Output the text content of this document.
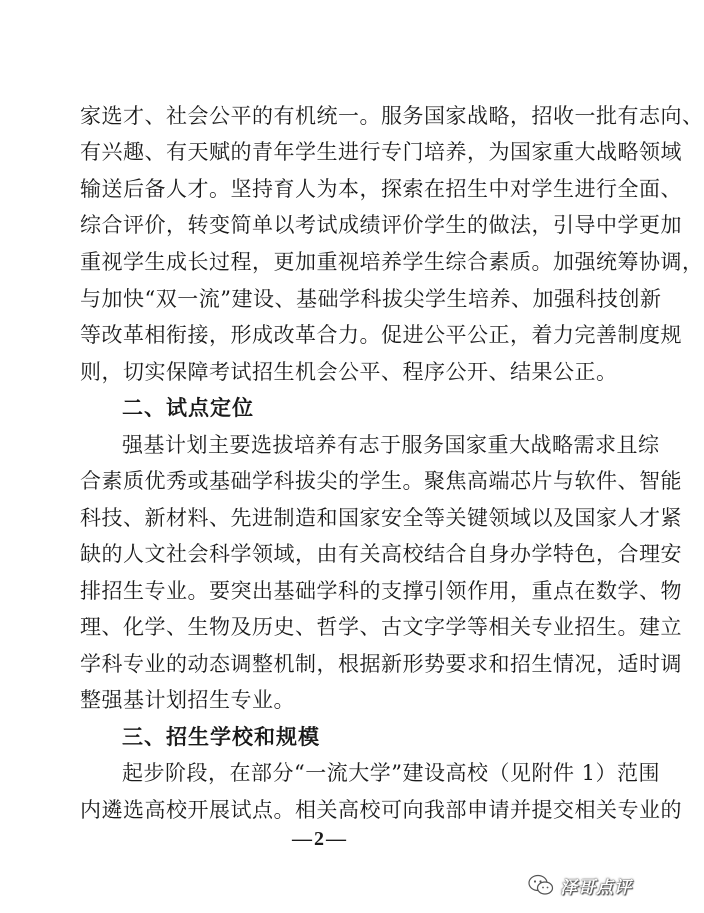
家选才、社会公平的有机统一。服务国家战略，招收一批有志向、
有兴趣、有天赋的青年学生进行专门培养，为国家重大战略领域
输送后备人才。坚持育人为本，探索在招生中对学生进行全面、
综合评价，转变简单以考试成绩评价学生的做法，引导中学更加
重视学生成长过程，更加重视培养学生综合素质。加强统筹协调，
与加快“双一流”建设、基础学科拔尖学生培养、加强科技创新
等改革相衔接，形成改革合力。促进公平公正，着力完善制度规
则，切实保障考试招生机会公平、程序公开、结果公正。
二、试点定位
强基计划主要选拔培养有志于服务国家重大战略需求且综
合素质优秀或基础学科拔尖的学生。聚焦高端芯片与软件、智能
科技、新材料、先进制造和国家安全等关键领域以及国家人才紧
缺的人文社会科学领域，由有关高校结合自身办学特色，合理安
排招生专业。要突出基础学科的支撑引领作用，重点在数学、物
理、化学、生物及历史、哲学、古文字学等相关专业招生。建立
学科专业的动态调整机制，根据新形势要求和招生情况，适时调
整强基计划招生专业。
三、招生学校和规模
起步阶段，在部分“一流大学”建设高校（见附件 1）范围
内遴选高校开展试点。相关高校可向我部申请并提交相关专业的
—2—
泽哥点评
